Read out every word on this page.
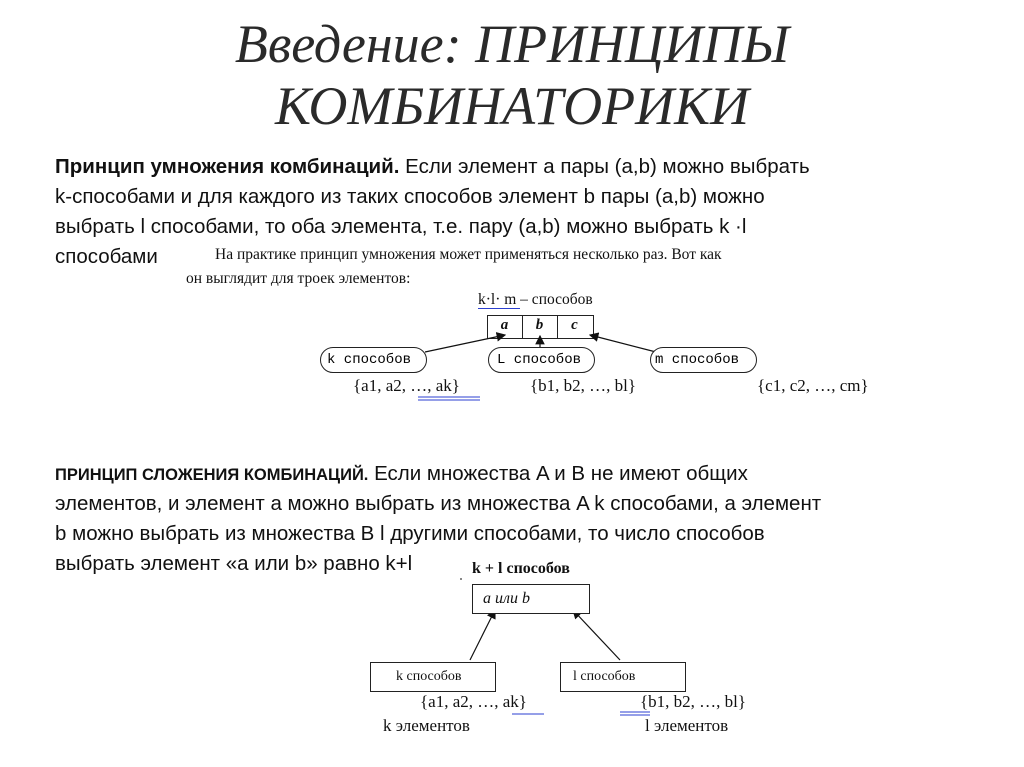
Введение: ПРИНЦИПЫ
КОМБИНАТОРИКИ
Принцип умножения комбинаций. Если элемент a пары (a,b) можно выбрать
k-способами и для каждого из таких способов элемент b пары (a,b) можно
выбрать l способами, то оба элемента, т.е. пару (a,b) можно выбрать k ·l
способами	На практике принцип умножения может применяться несколько раз. Вот как
он выглядит для троек элементов:
k·l· m – способов
a	b	c
k способов	L способов	m способов
{a1, a2, …, ak}	{b1, b2, …, bl}	{c1, c2, …, cm}
ПРИНЦИП СЛОЖЕНИЯ КОМБИНАЦИЙ. Если множества A и B не имеют общих
элементов, и элемент a можно выбрать из множества A k способами, а элемент
b можно выбрать из множества B l другими способами, то число способов
выбрать элемент «a или b» равно k+l	k + l способов
a или b
k способов	l способов
{a1, a2, …, ak}	{b1, b2, …, bl}
k элементов	l элементов
